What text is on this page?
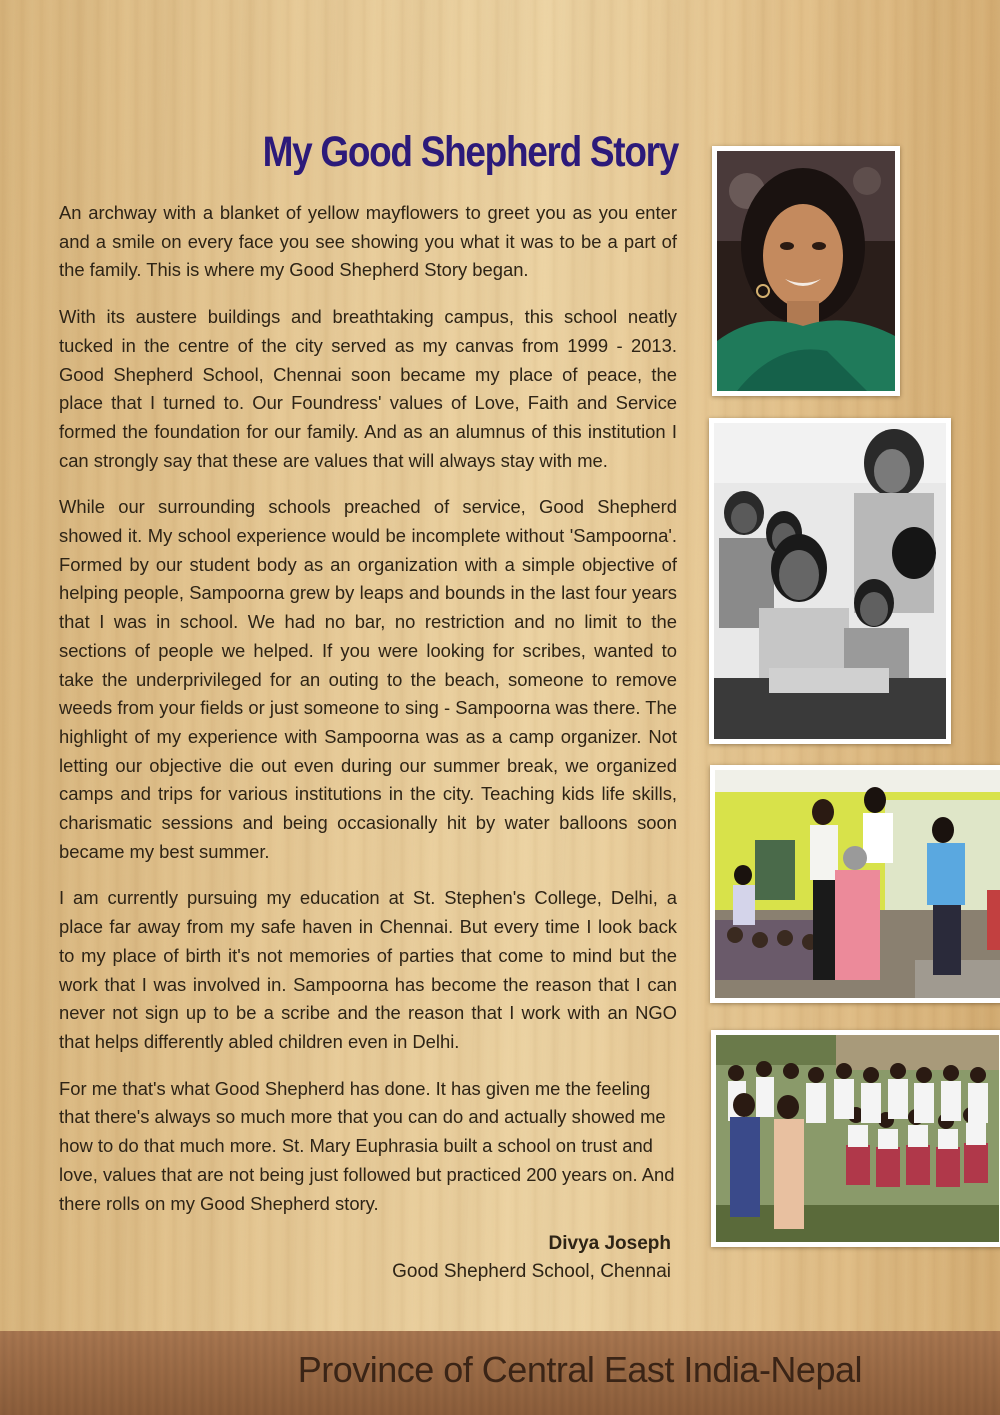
My Good Shepherd Story

An archway with a blanket of yellow mayflowers to greet you as you enter and a smile on every face you see showing you what it was to be a part of the family. This is where my Good Shepherd Story began.

With its austere buildings and breathtaking campus, this school neatly tucked in the centre of the city served as my canvas from 1999 - 2013. Good Shepherd School, Chennai soon became my place of peace, the place that I turned to. Our Foundress' values of Love, Faith and Service formed the foundation for our family. And as an alumnus of this institution I can strongly say that these are values that will always stay with me.

While our surrounding schools preached of service, Good Shepherd showed it. My school experience would be incomplete without 'Sampoorna'. Formed by our student body as an organization with a simple objective of helping people, Sampoorna grew by leaps and bounds in the last four years that I was in school. We had no bar, no restriction and no limit to the sections of people we helped. If you were looking for scribes, wanted to take the underprivileged for an outing to the beach, someone to remove weeds from your fields or just someone to sing - Sampoorna was there. The highlight of my experience with Sampoorna was as a camp organizer. Not letting our objective die out even during our summer break, we organized camps and trips for various institutions in the city. Teaching kids life skills, charismatic sessions and being occasionally hit by water balloons soon became my best summer.

I am currently pursuing my education at St. Stephen's College, Delhi, a place far away from my safe haven in Chennai. But every time I look back to my place of birth it's not memories of parties that come to mind but the work that I was involved in. Sampoorna has become the reason that I can never not sign up to be a scribe and the reason that I work with an NGO that helps differently abled children even in Delhi.

For me that's what Good Shepherd has done. It has given me the feeling that there's always so much more that you can do and actually showed me how to do that much more. St. Mary Euphrasia built a school on trust and love, values that are not being just followed but practiced 200 years on. And there rolls on my Good Shepherd story.

Divya Joseph
Good Shepherd School, Chennai
Province of Central East India-Nepal
